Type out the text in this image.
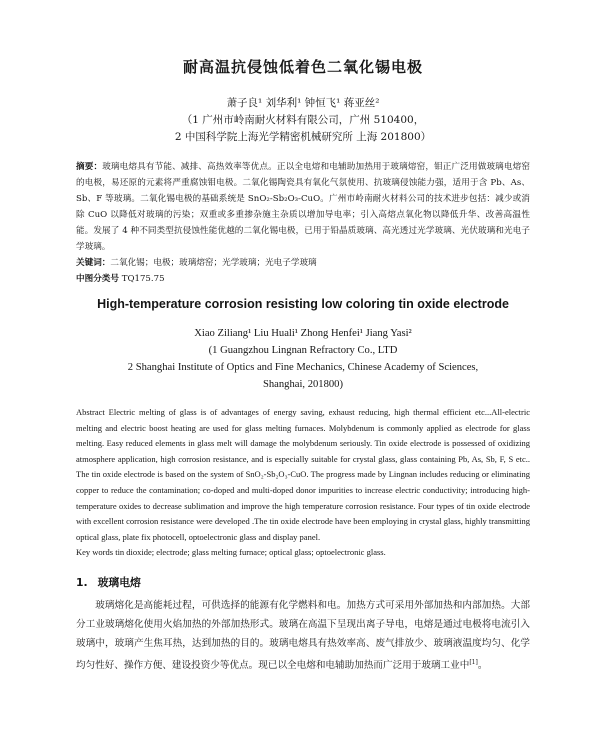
耐高温抗侵蚀低着色二氧化锡电极
萧子良¹ 刘华利¹ 钟恒飞¹ 蒋亚丝²
（1 广州市岭南耐火材料有限公司，广州 510400，
2 中国科学院上海光学精密机械研究所 上海 201800）
摘要：玻璃电熔具有节能、减排、高热效率等优点。正以全电熔和电辅助加热用于玻璃熔窑，钼正广泛用做玻璃电熔窑的电极，易还原的元素将严重腐蚀钼电极。二氧化锡陶瓷具有氧化气氛使用、抗玻璃侵蚀能力强，适用于含 Pb、As、Sb、F 等玻璃。二氧化锡电极的基础系统是 SnO₂-Sb₂O₃-CuO。广州市岭南耐火材料公司的技术进步包括：减少或消除 CuO 以降低对玻璃的污染；双重或多重掺杂施主杂质以增加导电率；引入高熔点氧化物以降低升华、改善高温性能。发展了 4 种不同类型抗侵蚀性能优越的二氧化锡电极，已用于铅晶质玻璃、高光透过光学玻璃、光伏玻璃和光电子学玻璃。
关键词：二氧化锡；电极；玻璃熔窑；光学玻璃；光电子学玻璃
中图分类号 TQ175.75
High-temperature corrosion resisting low coloring tin oxide electrode
Xiao Ziliang¹ Liu Huali¹ Zhong Henfei¹ Jiang Yasi²
(1 Guangzhou Lingnan Refractory Co., LTD
2 Shanghai Institute of Optics and Fine Mechanics, Chinese Academy of Sciences,
Shanghai, 201800)
Abstract Electric melting of glass is of advantages of energy saving, exhaust reducing, high thermal efficient etc...All-electric melting and electric boost heating are used for glass melting furnaces. Molybdenum is commonly applied as electrode for glass melting. Easy reduced elements in glass melt will damage the molybdenum seriously. Tin oxide electrode is possessed of oxidizing atmosphere application, high corrosion resistance, and is especially suitable for crystal glass, glass containing Pb, As, Sb, F, S etc.. The tin oxide electrode is based on the system of SnO₂-Sb₂O₃-CuO. The progress made by Lingnan includes reducing or eliminating copper to reduce the contamination; co-doped and multi-doped donor impurities to increase electric conductivity; introducing high-temperature oxides to decrease sublimation and improve the high temperature corrosion resistance. Four types of tin oxide electrode with excellent corrosion resistance were developed .The tin oxide electrode have been employing in crystal glass, highly transmitting optical glass, plate fix photocell, optoelectronic glass and display panel.
Key words tin dioxide; electrode; glass melting furnace; optical glass; optoelectronic glass.
1. 玻璃电熔

玻璃熔化是高能耗过程，可供选择的能源有化学燃料和电。加热方式可采用外部加热和内部加热。大部分工业玻璃熔化使用火焰加热的外部加热形式。玻璃在高温下呈现出离子导电，电熔是通过电极将电流引入玻璃中，玻璃产生焦耳热，达到加热的目的。玻璃电熔具有热效率高、废气排放少、玻璃液温度均匀、化学均匀性好、操作方便、建设投资少等优点。现已以全电熔和电辅助加热而广泛用于玻璃工业中[1]。
